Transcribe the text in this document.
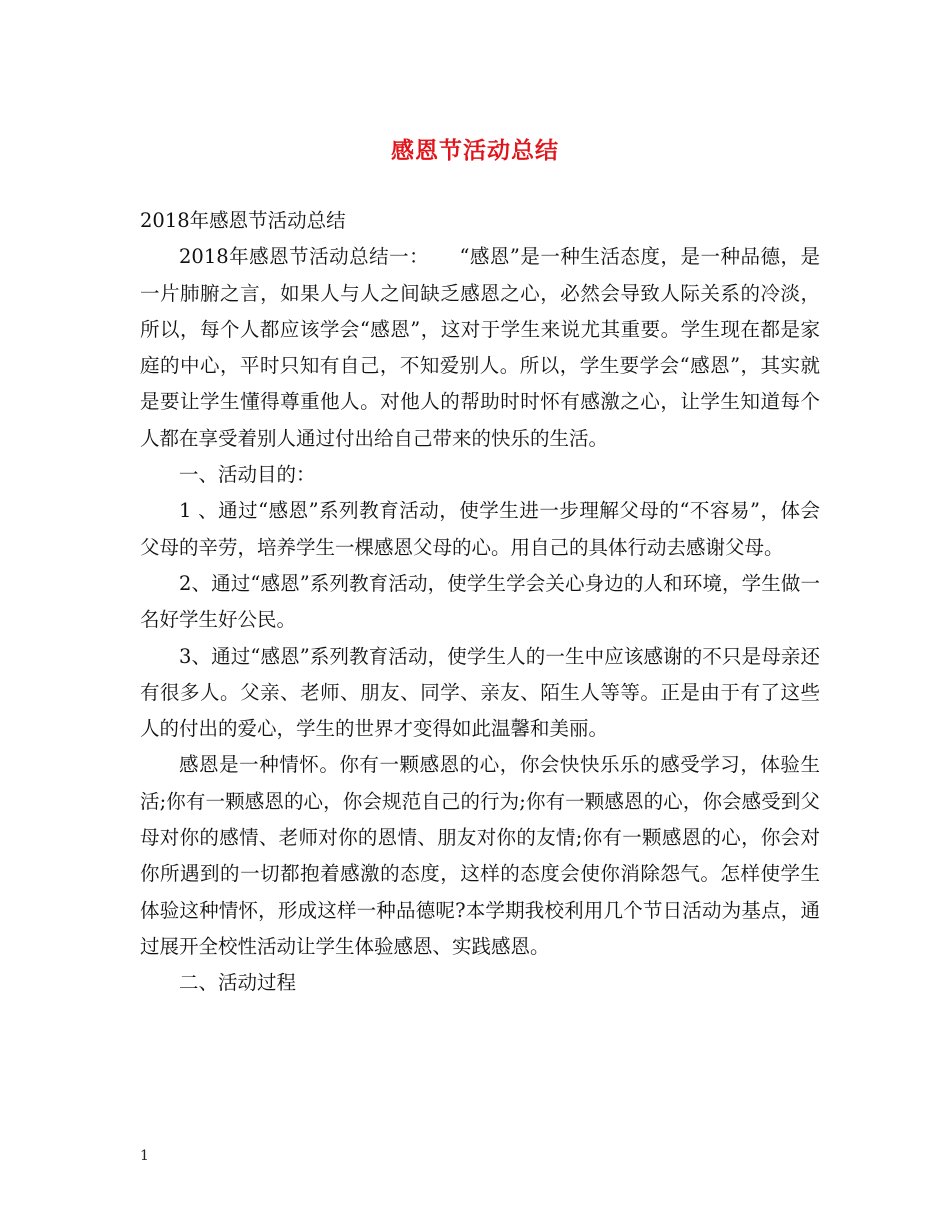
感恩节活动总结

2018年感恩节活动总结

2018年感恩节活动总结一：　　“感恩”是一种生活态度，是一种品德，是一片肺腑之言，如果人与人之间缺乏感恩之心，必然会导致人际关系的冷淡，所以，每个人都应该学会“感恩”，这对于学生来说尤其重要。学生现在都是家庭的中心，平时只知有自己，不知爱别人。所以，学生要学会“感恩”，其实就是要让学生懂得尊重他人。对他人的帮助时时怀有感激之心，让学生知道每个人都在享受着别人通过付出给自己带来的快乐的生活。

一、活动目的：

1 、通过“感恩”系列教育活动，使学生进一步理解父母的“不容易”，体会父母的辛劳，培养学生一棵感恩父母的心。用自己的具体行动去感谢父母。

2、通过“感恩”系列教育活动，使学生学会关心身边的人和环境，学生做一名好学生好公民。

3、通过“感恩”系列教育活动，使学生人的一生中应该感谢的不只是母亲还有很多人。父亲、老师、朋友、同学、亲友、陌生人等等。正是由于有了这些人的付出的爱心，学生的世界才变得如此温馨和美丽。

感恩是一种情怀。你有一颗感恩的心，你会快快乐乐的感受学习，体验生活;你有一颗感恩的心，你会规范自己的行为;你有一颗感恩的心，你会感受到父母对你的感情、老师对你的恩情、朋友对你的友情;你有一颗感恩的心，你会对你所遇到的一切都抱着感激的态度，这样的态度会使你消除怨气。怎样使学生体验这种情怀，形成这样一种品德呢?本学期我校利用几个节日活动为基点，通过展开全校性活动让学生体验感恩、实践感恩。

二、活动过程

1
